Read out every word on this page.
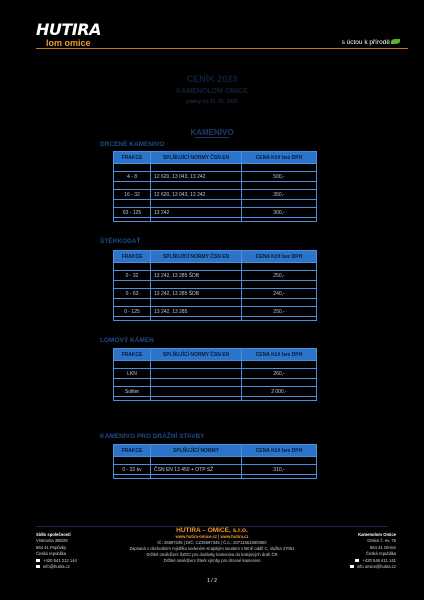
HUTIRA
lom omice	s úctou k přírodě
CENÍK 2023
KAMENOLOM OMICE
platný od 01. 01. 2023
KAMENIVO
DRCENÉ KAMENIVO
FRAKCE	SPLŇUJÍCÍ NORMY ČSN EN	CENA Kč/t bez DPH

4 - 8	12 620, 13 043, 13 242	500,-

16 - 32	12 620, 13 043, 13 242	350,-

63 - 125	13 242	300,-

ŠTĚRKODAŤ
FRAKCE	SPLŇUJÍCÍ NORMY ČSN EN	CENA Kč/t bez DPH

0 - 32	13 242, 13 285 ŠDB	250,-

0 - 63	13 242, 13 285 ŠDB	240,-

0 - 125	13 242, 13 285	250,-

LOMOVÝ KÁMEN
FRAKCE	SPLŇUJÍCÍ NORMY ČSN EN	CENA Kč/t bez DPH

LKN		260,-

Soliter		2 000,-

KAMENIVO PRO DRÁŽNÍ STAVBY
FRAKCE	SPLŇUJÍCÍ NORMY	CENA Kč/t bez DPH

0 - 32 kv	ČSN EN 13 450 + OTP SŽ	310,-

Sídlo společnosti
Vintrovna 398/29
664 41 Popůvky
Česká republika
+420 541 212 144
info@hutira.cz
HUTIRA – OMICE, s.r.o.
www.hutira-omice.cz | www.hutira.cz
IČ: 25597345 | DIČ: CZ25597345 | Č.ú.: 2071156159/0800
Zapsaná v obchodním rejstříku vedeném Krajským soudem v Brně oddíl C, vložka 37051
Držitel osvědčení ŠZDC pro dodávky kameniva do kolejových drah ČR
Držitel osvědčení Šterk výroby pro drcené kamenivo
Kamenolom Omice
Omice č. ev. 75
664 41 Omice
Česká republika
+420 546 411 141
info.omice@hutira.cz
1 / 2
